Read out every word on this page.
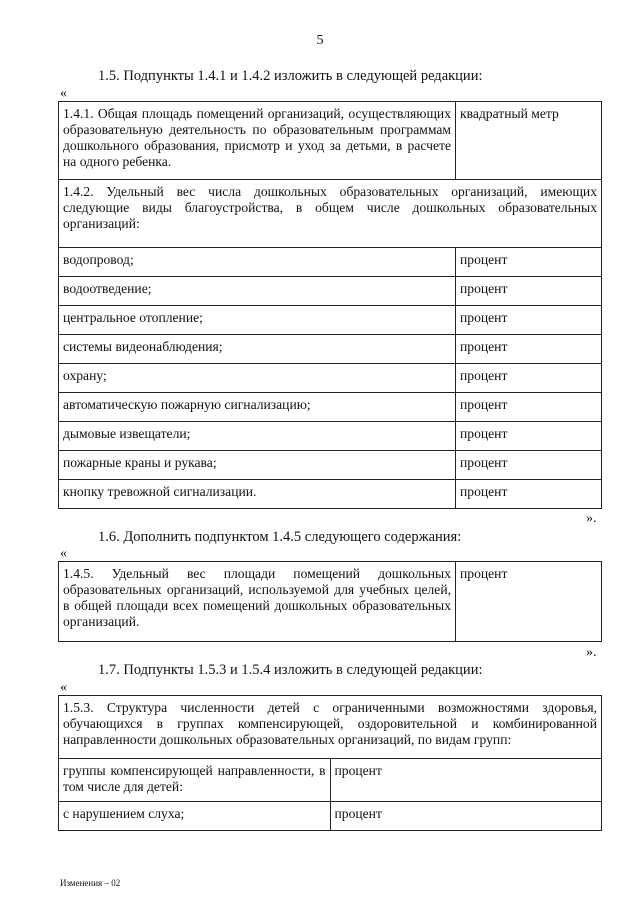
5
1.5. Подпункты 1.4.1 и 1.4.2 изложить в следующей редакции:
«
1.4.1. Общая площадь помещений организаций, осуществляющих образовательную деятельность по образовательным программам дошкольного образования, присмотр и уход за детьми, в расчете на одного ребенка.	квадратный метр
1.4.2. Удельный вес числа дошкольных образовательных организаций, имеющих следующие виды благоустройства, в общем числе дошкольных образовательных организаций:	
водопровод;	процент
водоотведение;	процент
центральное отопление;	процент
системы видеонаблюдения;	процент
охрану;	процент
автоматическую пожарную сигнализацию;	процент
дымовые извещатели;	процент
пожарные краны и рукава;	процент
кнопку тревожной сигнализации.	процент
».
1.6. Дополнить подпунктом 1.4.5 следующего содержания:
«
1.4.5. Удельный вес площади помещений дошкольных образовательных организаций, используемой для учебных целей, в общей площади всех помещений дошкольных образовательных организаций.	процент
».
1.7. Подпункты 1.5.3 и 1.5.4 изложить в следующей редакции:
«
1.5.3. Структура численности детей с ограниченными возможностями здоровья, обучающихся в группах компенсирующей, оздоровительной и комбинированной направленности дошкольных образовательных организаций, по видам групп:	
группы компенсирующей направленности, в том числе для детей:	процент
с нарушением слуха;	процент
Изменения – 02
